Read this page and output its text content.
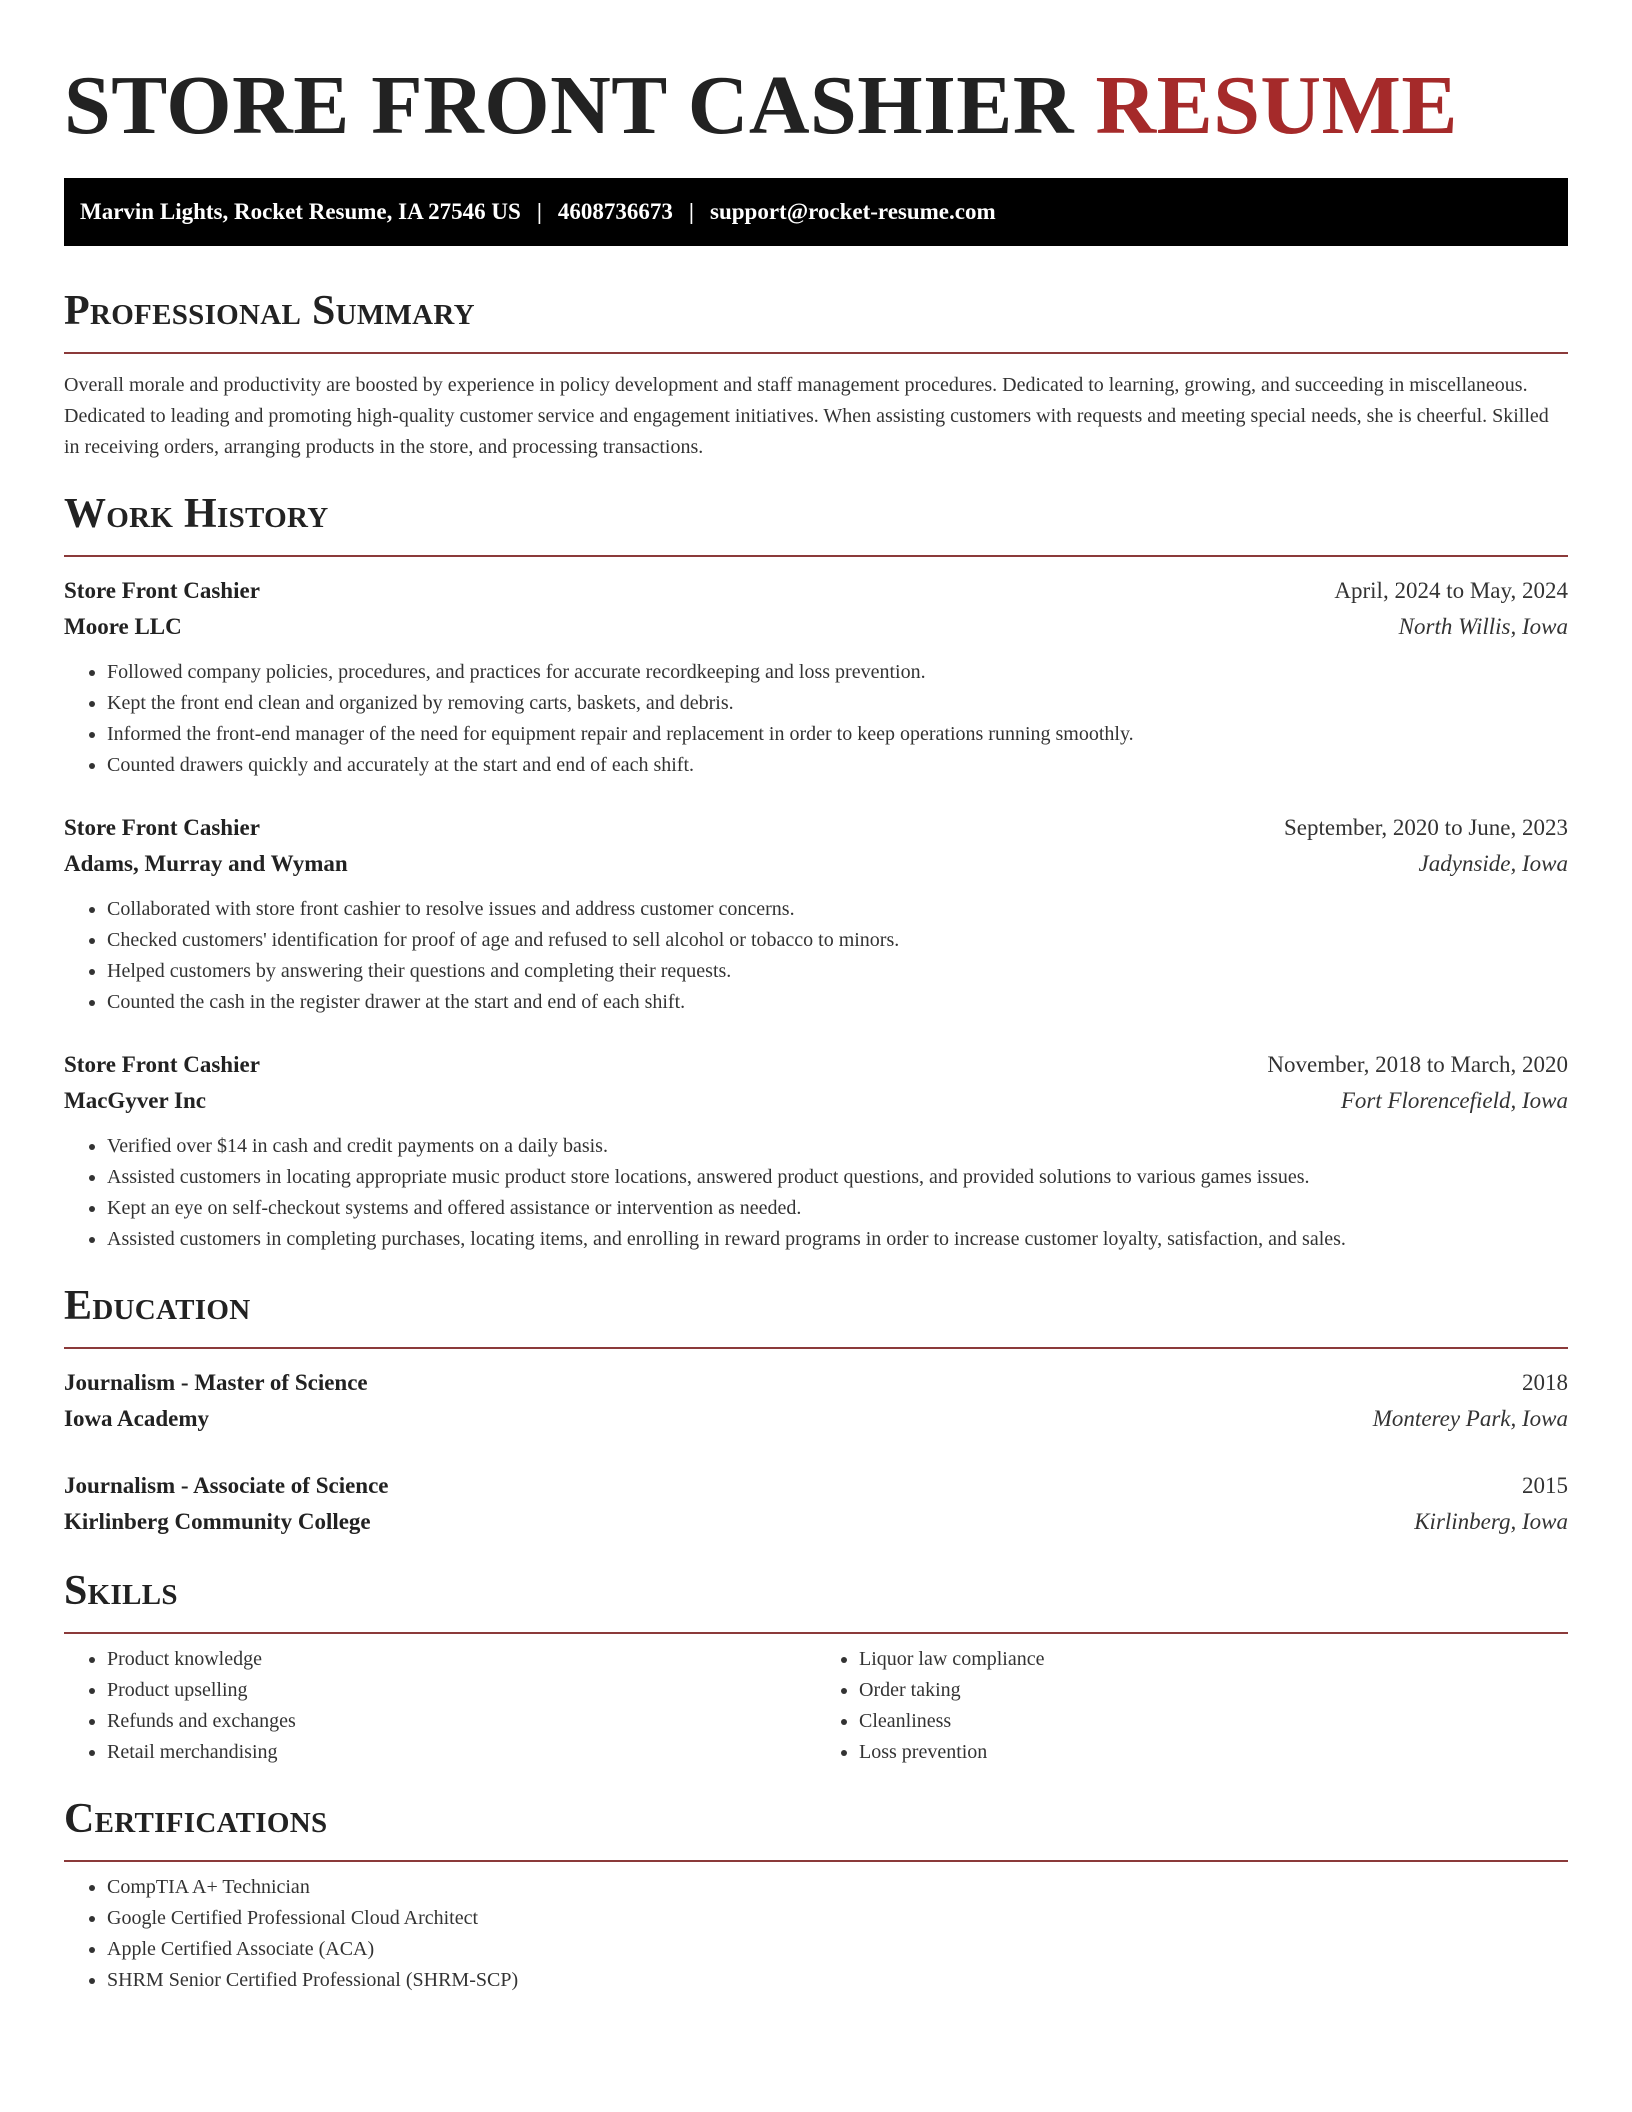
STORE FRONT CASHIER RESUME
Marvin Lights, Rocket Resume, IA 27546 US | 4608736673 | support@rocket-resume.com
Professional Summary

Overall morale and productivity are boosted by experience in policy development and staff management procedures. Dedicated to learning, growing, and succeeding in miscellaneous. Dedicated to leading and promoting high-quality customer service and engagement initiatives. When assisting customers with requests and meeting special needs, she is cheerful. Skilled in receiving orders, arranging products in the store, and processing transactions.

Work History
Store Front Cashier	April, 2024 to May, 2024
Moore LLC	North Willis, Iowa
• Followed company policies, procedures, and practices for accurate recordkeeping and loss prevention.
• Kept the front end clean and organized by removing carts, baskets, and debris.
• Informed the front-end manager of the need for equipment repair and replacement in order to keep operations running smoothly.
• Counted drawers quickly and accurately at the start and end of each shift.
Store Front Cashier	September, 2020 to June, 2023
Adams, Murray and Wyman	Jadynside, Iowa
• Collaborated with store front cashier to resolve issues and address customer concerns.
• Checked customers' identification for proof of age and refused to sell alcohol or tobacco to minors.
• Helped customers by answering their questions and completing their requests.
• Counted the cash in the register drawer at the start and end of each shift.
Store Front Cashier	November, 2018 to March, 2020
MacGyver Inc	Fort Florencefield, Iowa
• Verified over $14 in cash and credit payments on a daily basis.
• Assisted customers in locating appropriate music product store locations, answered product questions, and provided solutions to various games issues.
• Kept an eye on self-checkout systems and offered assistance or intervention as needed.
• Assisted customers in completing purchases, locating items, and enrolling in reward programs in order to increase customer loyalty, satisfaction, and sales.
Education
Journalism - Master of Science	2018
Iowa Academy	Monterey Park, Iowa
Journalism - Associate of Science	2015
Kirlinberg Community College	Kirlinberg, Iowa
Skills
• Product knowledge
• Product upselling
• Refunds and exchanges
• Retail merchandising
• Liquor law compliance
• Order taking
• Cleanliness
• Loss prevention
Certifications
• CompTIA A+ Technician
• Google Certified Professional Cloud Architect
• Apple Certified Associate (ACA)
• SHRM Senior Certified Professional (SHRM-SCP)
